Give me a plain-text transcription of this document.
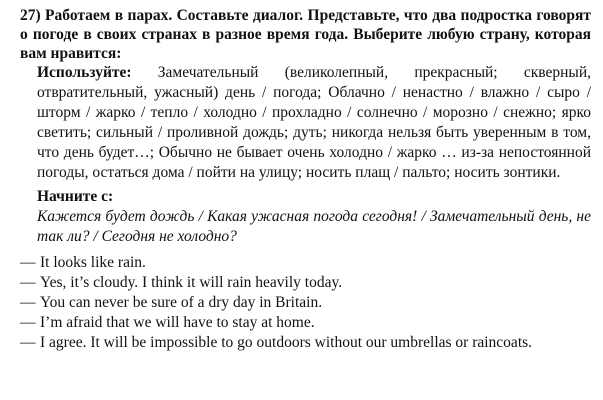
27) Работаем в парах. Составьте диалог. Представьте, что два подростка говорят о погоде в своих странах в разное время года. Выберите любую страну, которая вам нравится:

Используйте: Замечательный (великолепный, прекрасный; скверный, отвратительный, ужасный) день / погода; Облачно / ненастно / влажно / сыро / шторм / жарко / тепло / холодно / прохладно / солнечно / морозно / снежно; ярко светить; сильный / проливной дождь; дуть; никогда нельзя быть уверенным в том, что день будет…; Обычно не бывает очень холодно / жарко … из-за непостоянной погоды, остаться дома / пойти на улицу; носить плащ / пальто; носить зонтики.

Начните с:

Кажется будет дождь / Какая ужасная погода сегодня! / Замечательный день, не так ли? / Сегодня не холодно?

— It looks like rain.
— Yes, it’s cloudy. I think it will rain heavily today.
— You can never be sure of a dry day in Britain.
— I’m afraid that we will have to stay at home.
— I agree. It will be impossible to go outdoors without our umbrellas or raincoats.
